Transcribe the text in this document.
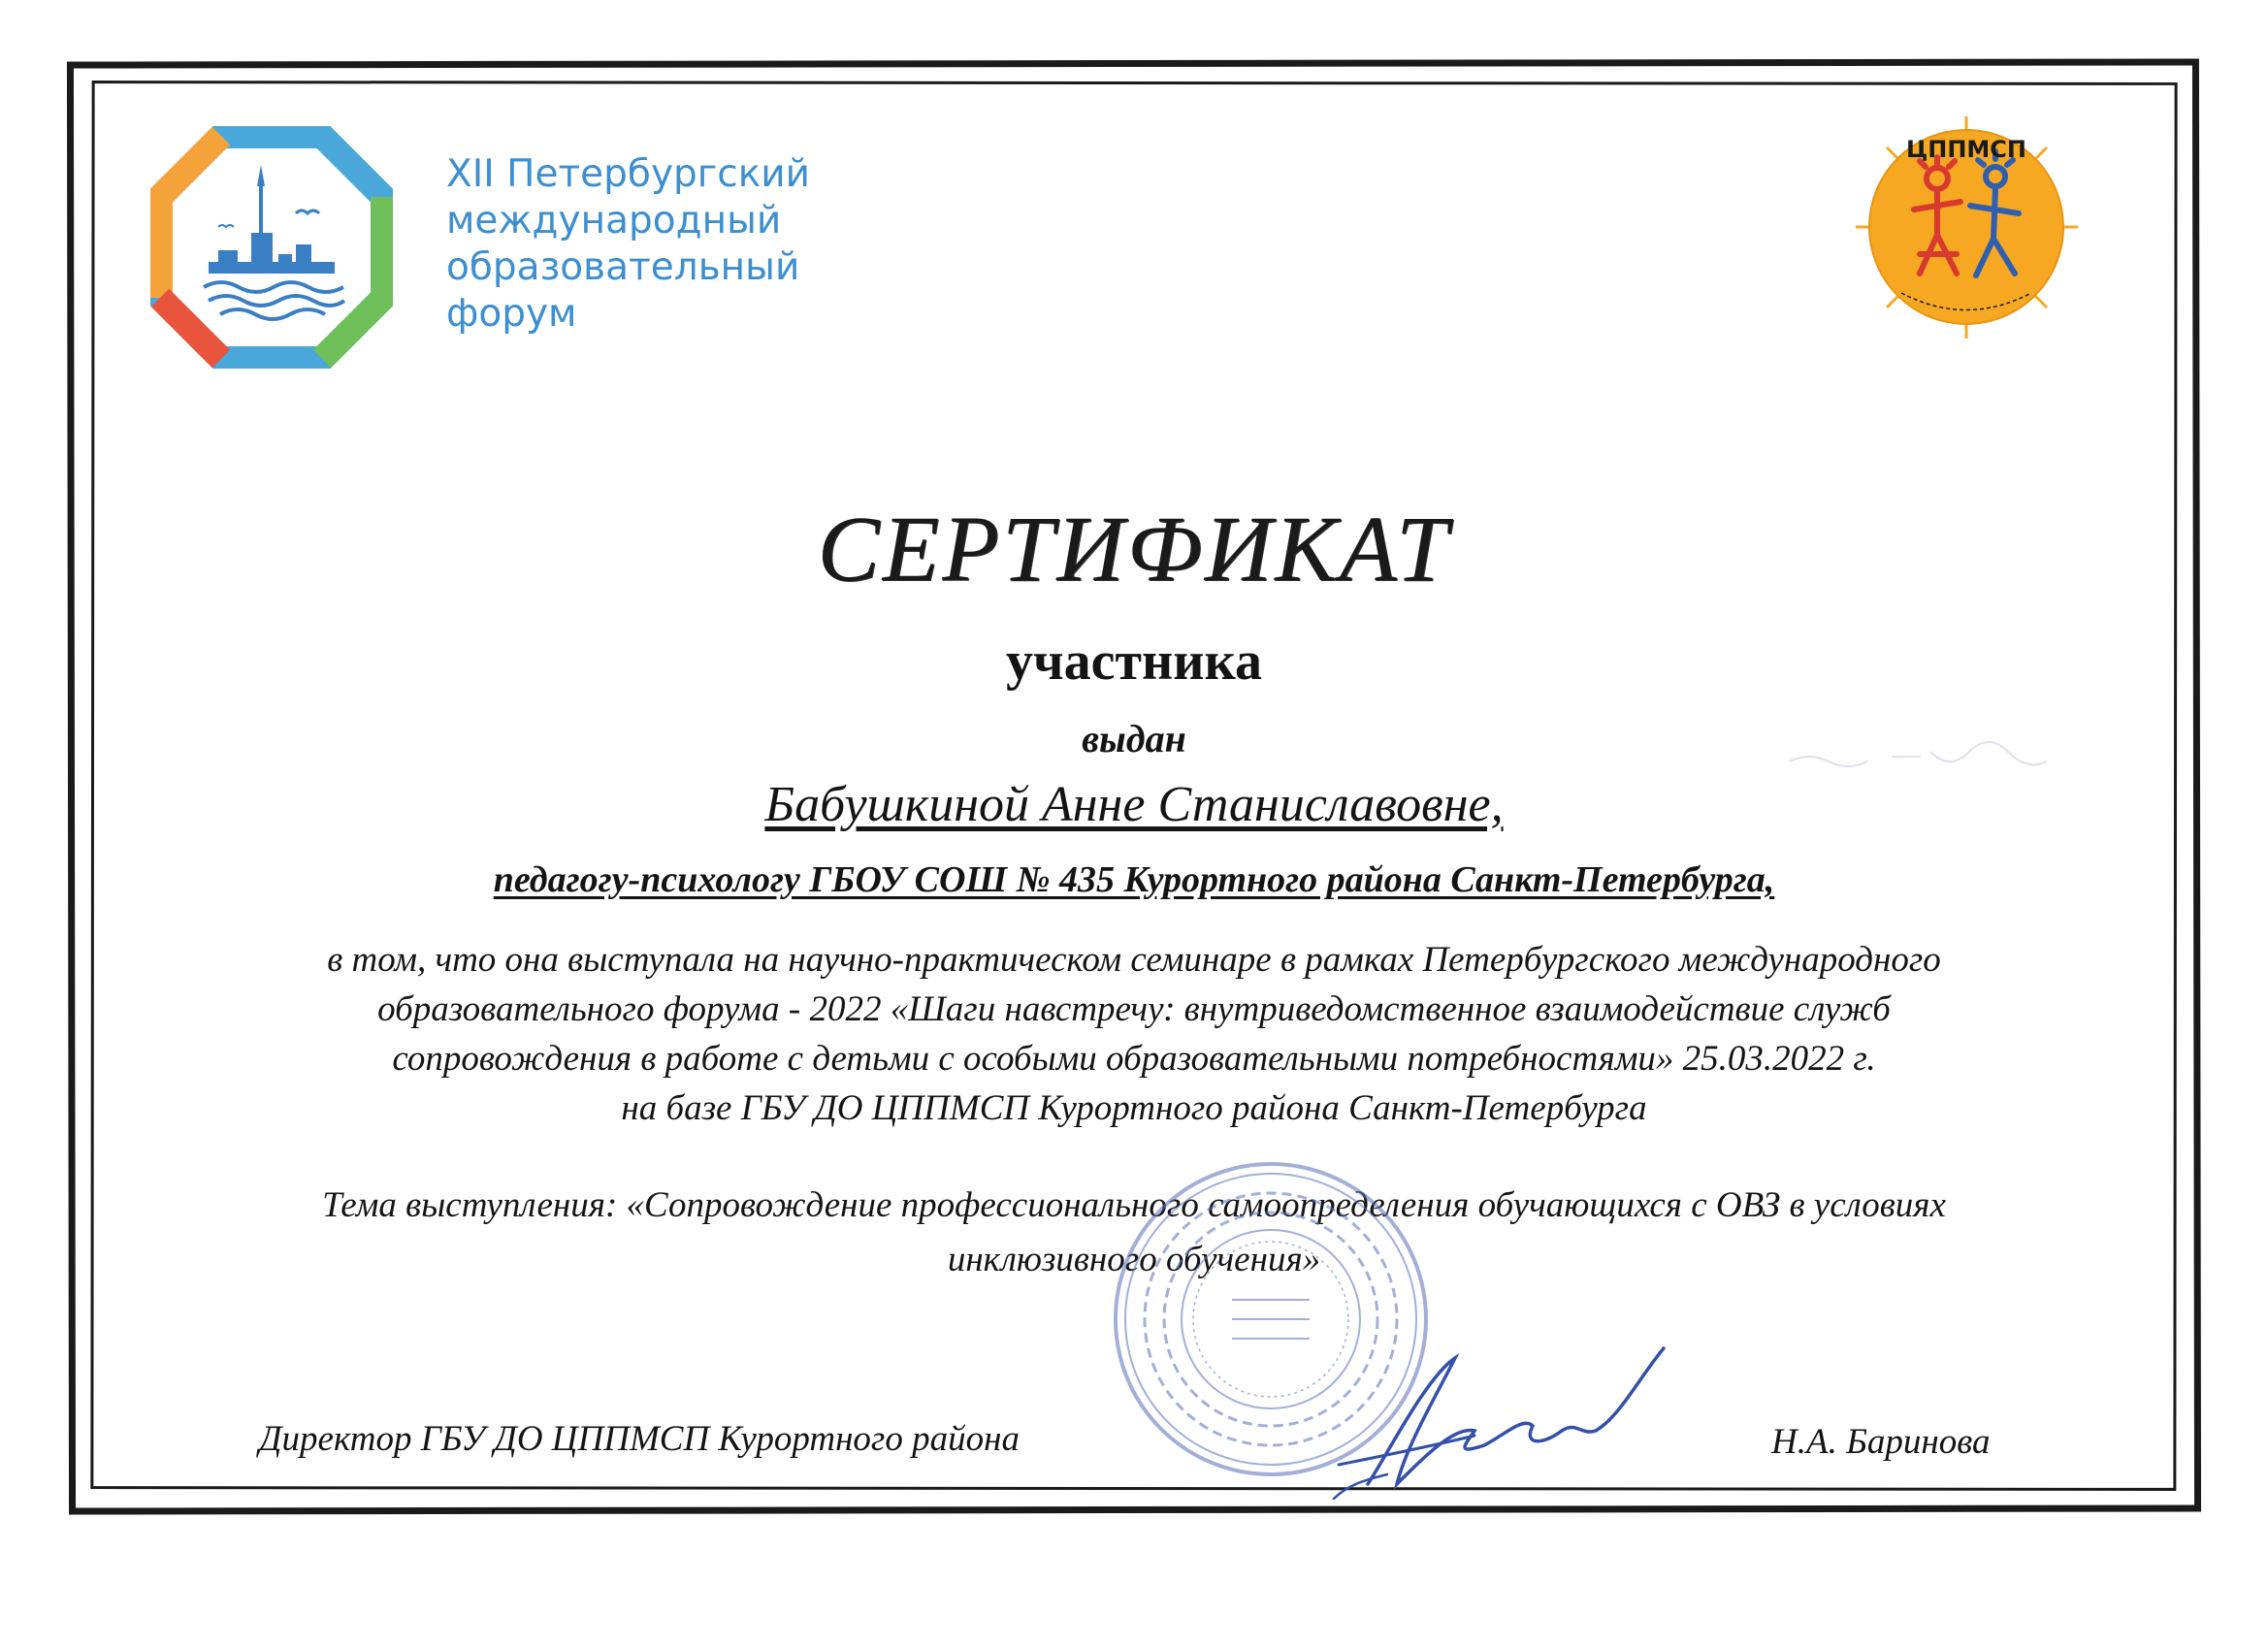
XII Петербургский
международный
образовательный
форум
ЦППМСП
СЕРТИФИКАТ
участника
выдан
Бабушкиной Анне Станиславовне,
педагогу-психологу ГБОУ СОШ № 435 Курортного района Санкт-Петербурга,
в том, что она выступала на научно-практическом семинаре в рамках Петербургского международного
образовательного форума - 2022 «Шаги навстречу: внутриведомственное взаимодействие служб
сопровождения в работе с детьми с особыми образовательными потребностями» 25.03.2022 г.
на базе ГБУ ДО ЦППМСП Курортного района Санкт-Петербурга
Тема выступления: «Сопровождение профессионального самоопределения обучающихся с ОВЗ в условиях
инклюзивного обучения»
Директор ГБУ ДО ЦППМСП Курортного района	Н.А. Баринова
